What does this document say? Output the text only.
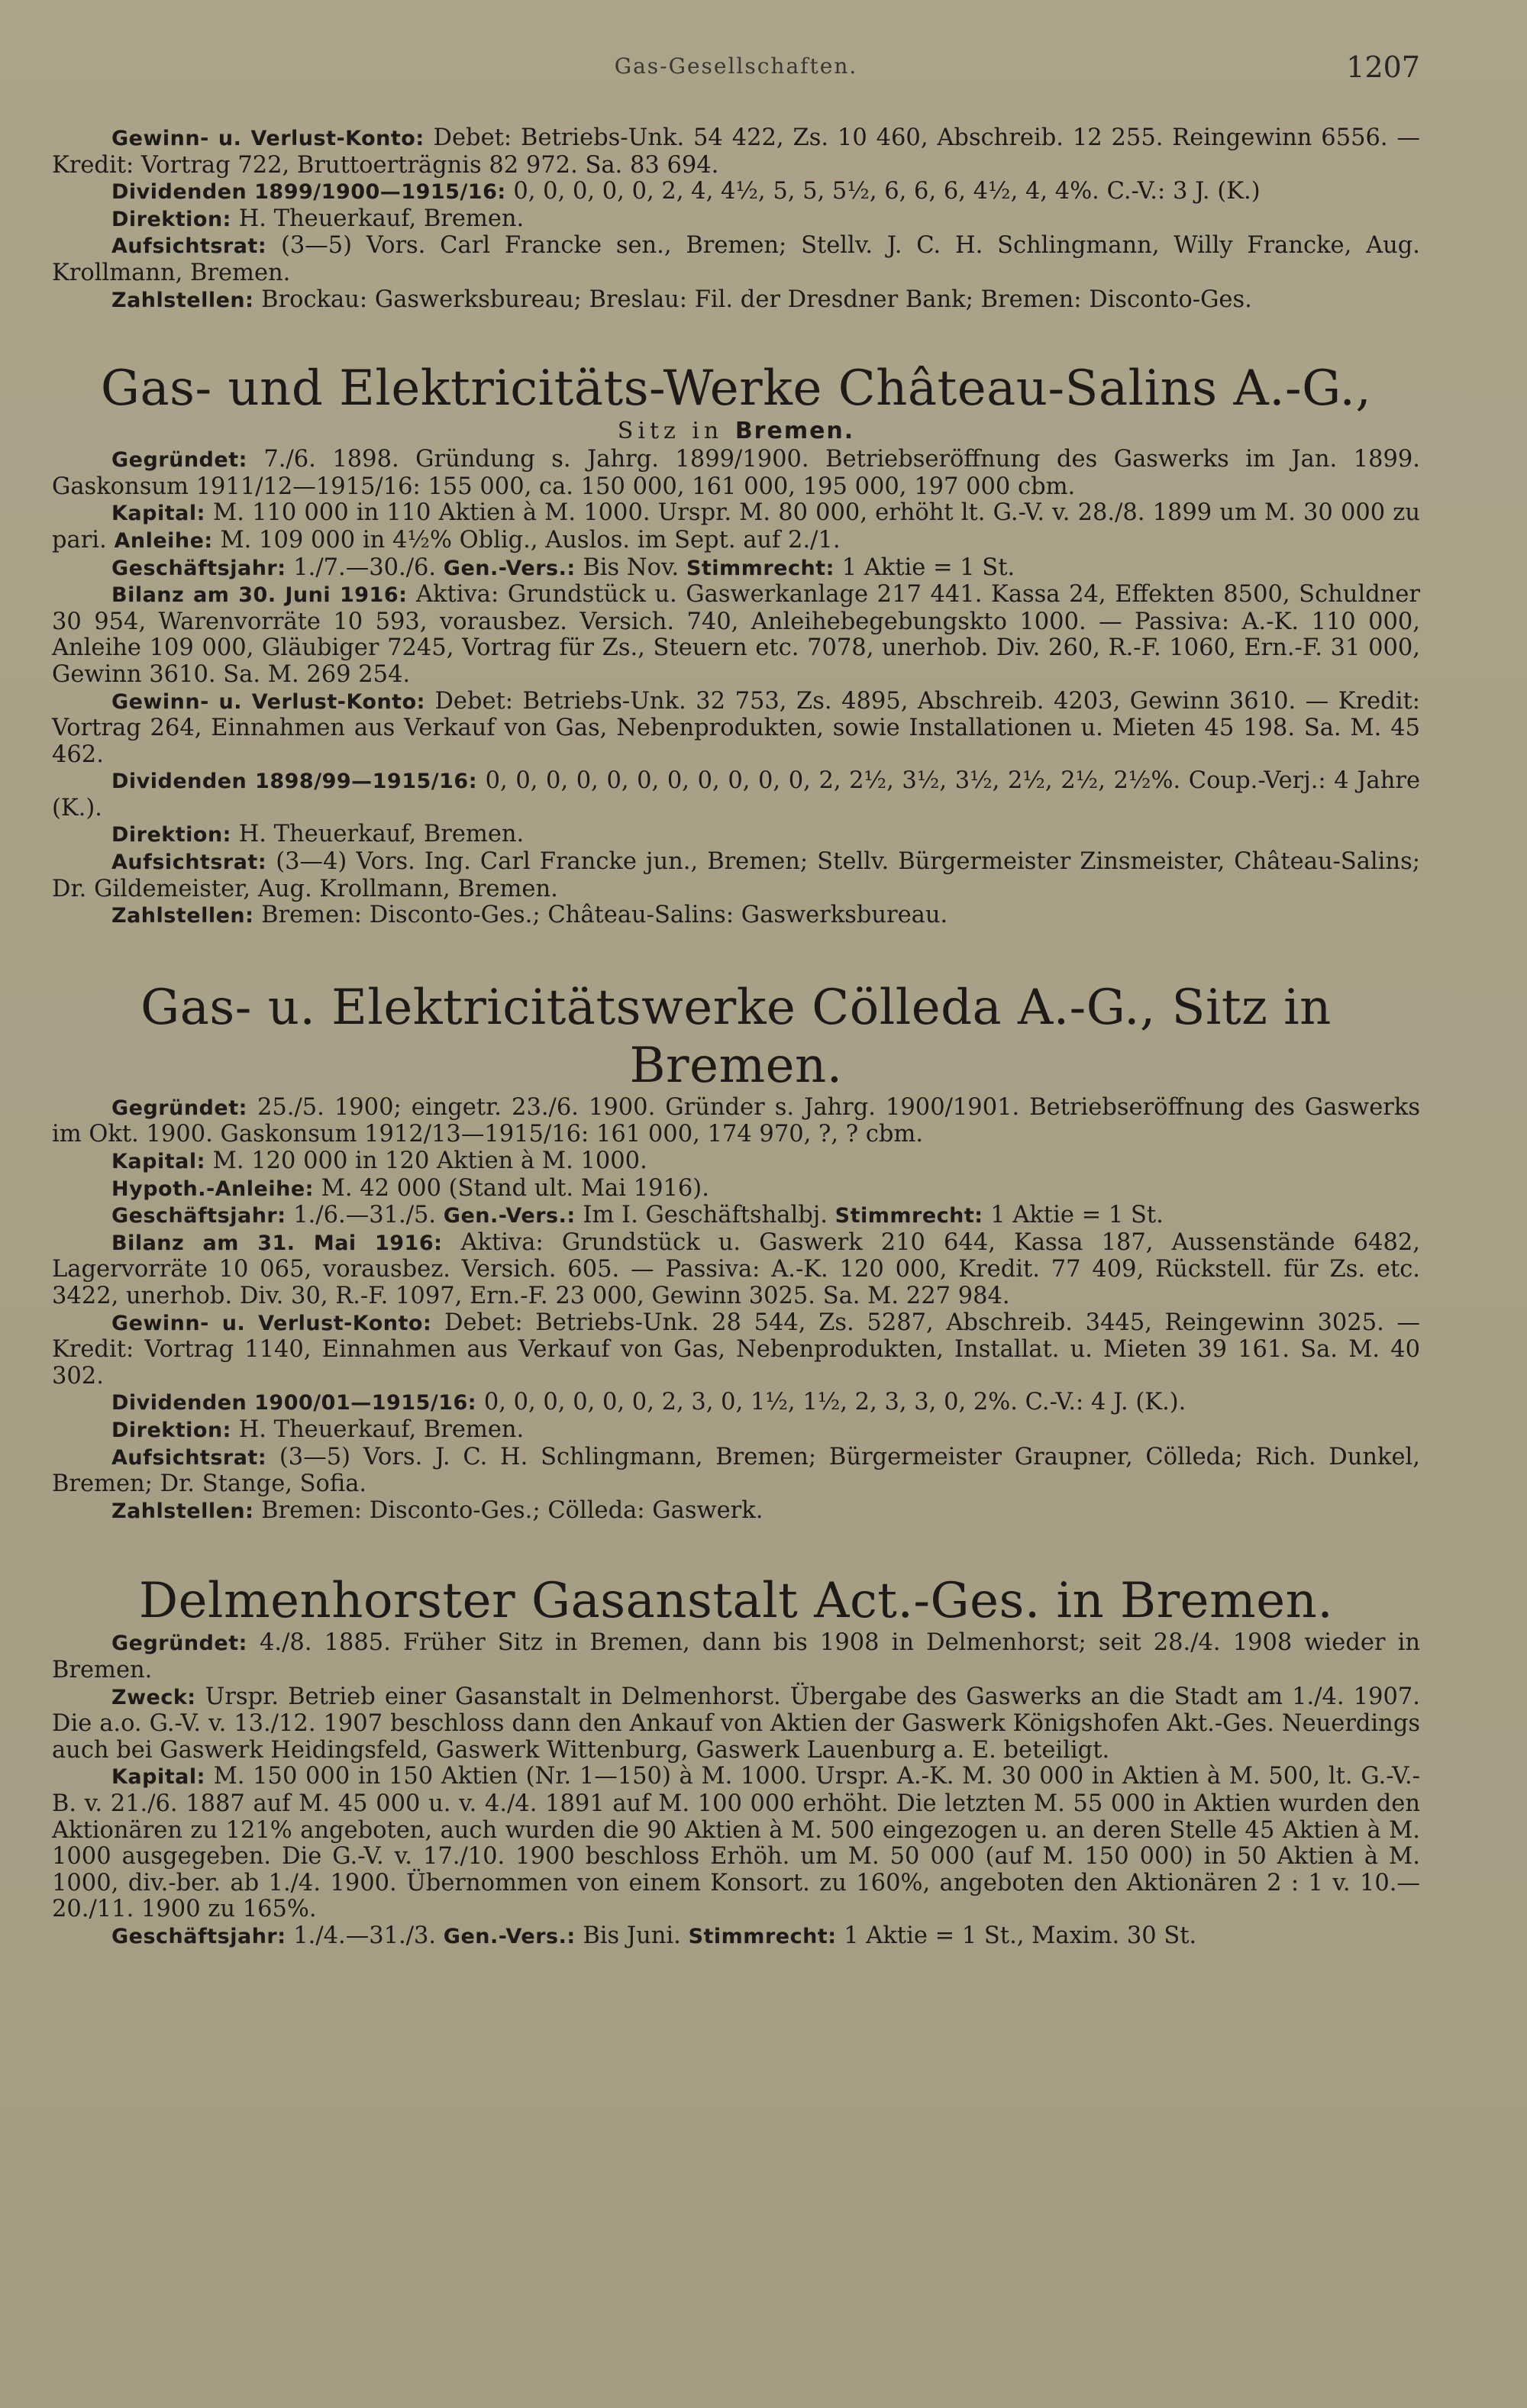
Gas-Gesellschaften.	1207

Gewinn- u. Verlust-Konto: Debet: Betriebs-Unk. 54 422, Zs. 10 460, Abschreib. 12 255. Reingewinn 6556. — Kredit: Vortrag 722, Bruttoerträgnis 82 972. Sa. 83 694.

Dividenden 1899/1900—1915/16: 0, 0, 0, 0, 0, 2, 4, 4½, 5, 5, 5½, 6, 6, 6, 4½, 4, 4%. C.-V.: 3 J. (K.)

Direktion: H. Theuerkauf, Bremen.

Aufsichtsrat: (3—5) Vors. Carl Francke sen., Bremen; Stellv. J. C. H. Schlingmann, Willy Francke, Aug. Krollmann, Bremen.

Zahlstellen: Brockau: Gaswerksbureau; Breslau: Fil. der Dresdner Bank; Bremen: Disconto-Ges.

Gas- und Elektricitäts-Werke Château-Salins A.-G.,
Sitz in Bremen.

Gegründet: 7./6. 1898. Gründung s. Jahrg. 1899/1900. Betriebseröffnung des Gaswerks im Jan. 1899. Gaskonsum 1911/12—1915/16: 155 000, ca. 150 000, 161 000, 195 000, 197 000 cbm.

Kapital: M. 110 000 in 110 Aktien à M. 1000. Urspr. M. 80 000, erhöht lt. G.-V. v. 28./8. 1899 um M. 30 000 zu pari. Anleihe: M. 109 000 in 4½% Oblig., Auslos. im Sept. auf 2./1.

Geschäftsjahr: 1./7.—30./6. Gen.-Vers.: Bis Nov. Stimmrecht: 1 Aktie = 1 St.

Bilanz am 30. Juni 1916: Aktiva: Grundstück u. Gaswerkanlage 217 441. Kassa 24, Effekten 8500, Schuldner 30 954, Warenvorräte 10 593, vorausbez. Versich. 740, Anleihebegebungskto 1000. — Passiva: A.-K. 110 000, Anleihe 109 000, Gläubiger 7245, Vortrag für Zs., Steuern etc. 7078, unerhob. Div. 260, R.-F. 1060, Ern.-F. 31 000, Gewinn 3610. Sa. M. 269 254.

Gewinn- u. Verlust-Konto: Debet: Betriebs-Unk. 32 753, Zs. 4895, Abschreib. 4203, Gewinn 3610. — Kredit: Vortrag 264, Einnahmen aus Verkauf von Gas, Nebenprodukten, sowie Installationen u. Mieten 45 198. Sa. M. 45 462.

Dividenden 1898/99—1915/16: 0, 0, 0, 0, 0, 0, 0, 0, 0, 0, 0, 2, 2½, 3½, 3½, 2½, 2½, 2½%. Coup.-Verj.: 4 Jahre (K.).

Direktion: H. Theuerkauf, Bremen.

Aufsichtsrat: (3—4) Vors. Ing. Carl Francke jun., Bremen; Stellv. Bürgermeister Zinsmeister, Château-Salins; Dr. Gildemeister, Aug. Krollmann, Bremen.

Zahlstellen: Bremen: Disconto-Ges.; Château-Salins: Gaswerksbureau.

Gas- u. Elektricitätswerke Cölleda A.-G., Sitz in Bremen.

Gegründet: 25./5. 1900; eingetr. 23./6. 1900. Gründer s. Jahrg. 1900/1901. Betriebseröffnung des Gaswerks im Okt. 1900. Gaskonsum 1912/13—1915/16: 161 000, 174 970, ?, ? cbm.

Kapital: M. 120 000 in 120 Aktien à M. 1000.

Hypoth.-Anleihe: M. 42 000 (Stand ult. Mai 1916).

Geschäftsjahr: 1./6.—31./5. Gen.-Vers.: Im I. Geschäftshalbj. Stimmrecht: 1 Aktie = 1 St.

Bilanz am 31. Mai 1916: Aktiva: Grundstück u. Gaswerk 210 644, Kassa 187, Aussenstände 6482, Lagervorräte 10 065, vorausbez. Versich. 605. — Passiva: A.-K. 120 000, Kredit. 77 409, Rückstell. für Zs. etc. 3422, unerhob. Div. 30, R.-F. 1097, Ern.-F. 23 000, Gewinn 3025. Sa. M. 227 984.

Gewinn- u. Verlust-Konto: Debet: Betriebs-Unk. 28 544, Zs. 5287, Abschreib. 3445, Reingewinn 3025. — Kredit: Vortrag 1140, Einnahmen aus Verkauf von Gas, Nebenprodukten, Installat. u. Mieten 39 161. Sa. M. 40 302.

Dividenden 1900/01—1915/16: 0, 0, 0, 0, 0, 0, 2, 3, 0, 1½, 1½, 2, 3, 3, 0, 2%. C.-V.: 4 J. (K.).

Direktion: H. Theuerkauf, Bremen.

Aufsichtsrat: (3—5) Vors. J. C. H. Schlingmann, Bremen; Bürgermeister Graupner, Cölleda; Rich. Dunkel, Bremen; Dr. Stange, Sofia.

Zahlstellen: Bremen: Disconto-Ges.; Cölleda: Gaswerk.

Delmenhorster Gasanstalt Act.-Ges. in Bremen.

Gegründet: 4./8. 1885. Früher Sitz in Bremen, dann bis 1908 in Delmenhorst; seit 28./4. 1908 wieder in Bremen.

Zweck: Urspr. Betrieb einer Gasanstalt in Delmenhorst. Übergabe des Gaswerks an die Stadt am 1./4. 1907. Die a.o. G.-V. v. 13./12. 1907 beschloss dann den Ankauf von Aktien der Gaswerk Königshofen Akt.-Ges. Neuerdings auch bei Gaswerk Heidingsfeld, Gaswerk Wittenburg, Gaswerk Lauenburg a. E. beteiligt.

Kapital: M. 150 000 in 150 Aktien (Nr. 1—150) à M. 1000. Urspr. A.-K. M. 30 000 in Aktien à M. 500, lt. G.-V.-B. v. 21./6. 1887 auf M. 45 000 u. v. 4./4. 1891 auf M. 100 000 erhöht. Die letzten M. 55 000 in Aktien wurden den Aktionären zu 121% angeboten, auch wurden die 90 Aktien à M. 500 eingezogen u. an deren Stelle 45 Aktien à M. 1000 ausgegeben. Die G.-V. v. 17./10. 1900 beschloss Erhöh. um M. 50 000 (auf M. 150 000) in 50 Aktien à M. 1000, div.-ber. ab 1./4. 1900. Übernommen von einem Konsort. zu 160%, angeboten den Aktionären 2 : 1 v. 10.—20./11. 1900 zu 165%.

Geschäftsjahr: 1./4.—31./3. Gen.-Vers.: Bis Juni. Stimmrecht: 1 Aktie = 1 St., Maxim. 30 St.
